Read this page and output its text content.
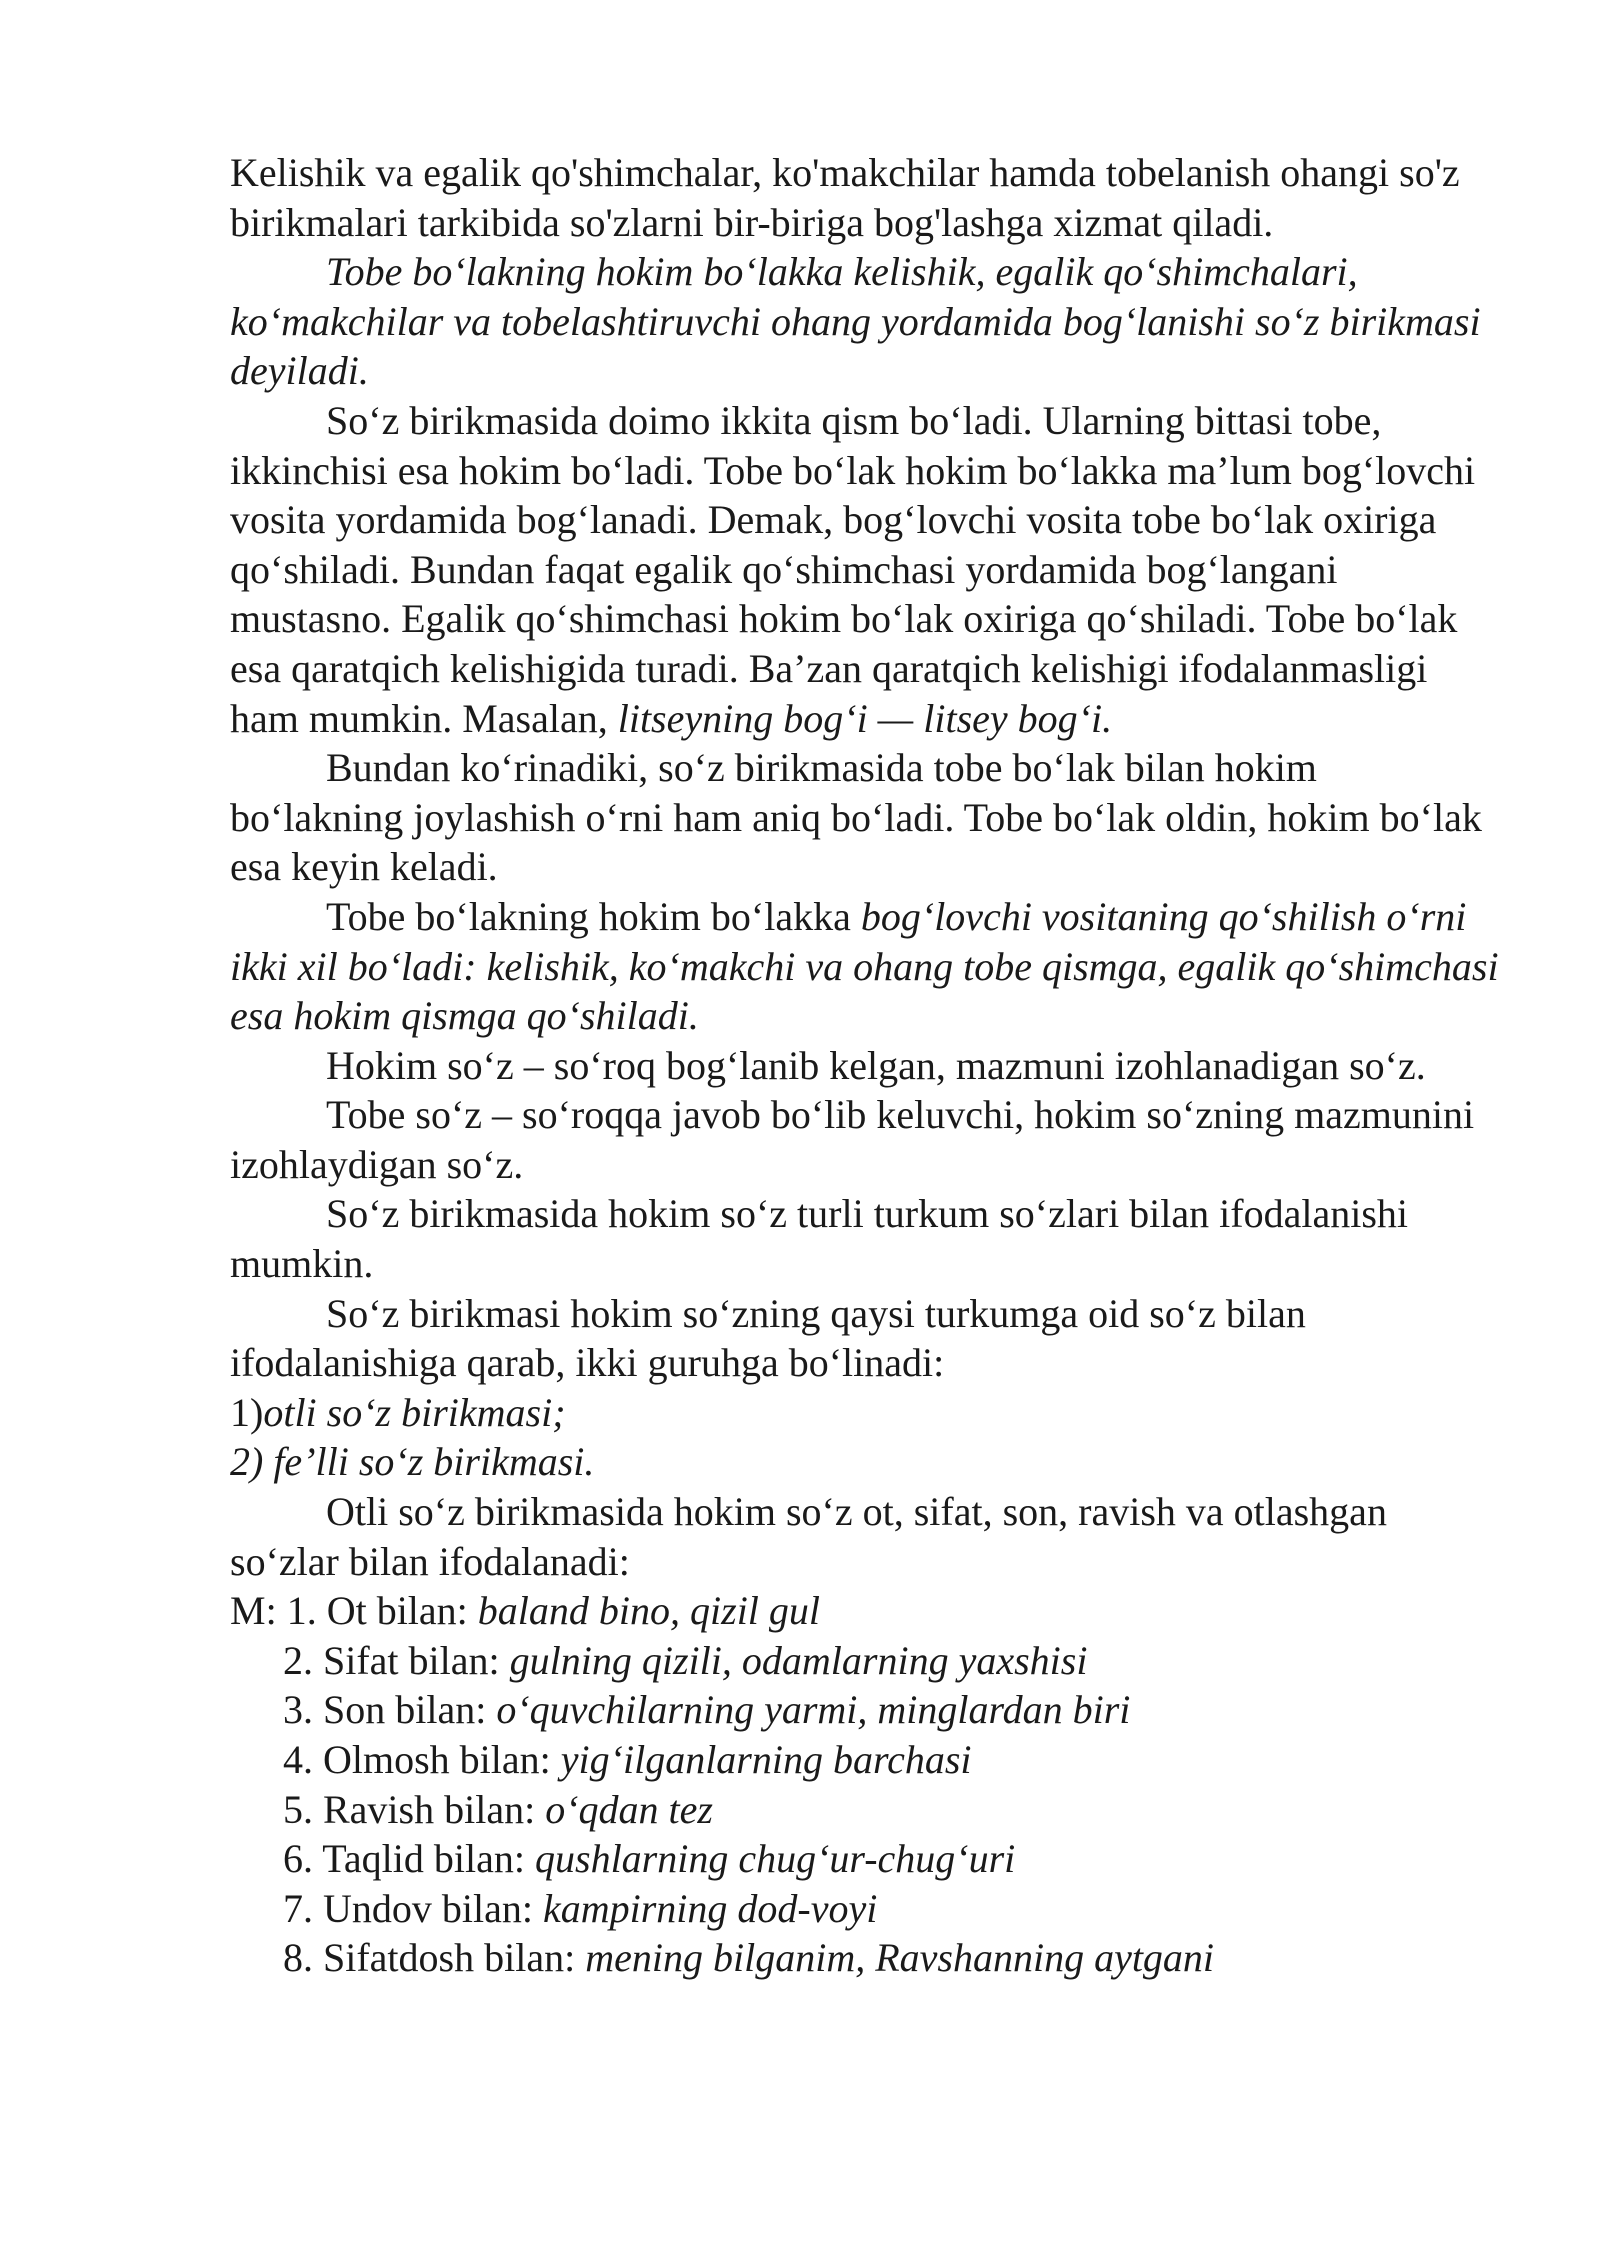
Kelishik va egalik qo'shimchalar, ko'makchilar hamda tobelanish ohangi so'z birikmalari tarkibida so'zlarni bir-biriga bog'lashga xizmat qiladi.

Tobe bo‘lakning hokim bo‘lakka kelishik, egalik qo‘shimchalari, ko‘makchilar va tobelashtiruvchi ohang yordamida bog‘lanishi so‘z birikmasi deyiladi.

So‘z birikmasida doimo ikkita qism bo‘ladi. Ularning bittasi tobe, ikkinchisi esa hokim bo‘ladi. Tobe bo‘lak hokim bo‘lakka ma’lum bog‘lovchi vosita yordamida bog‘lanadi. Demak, bog‘lovchi vosita tobe bo‘lak oxiriga qo‘shiladi. Bundan faqat egalik qo‘shimchasi yordamida bog‘langani mustasno. Egalik qo‘shimchasi hokim bo‘lak oxiriga qo‘shiladi. Tobe bo‘lak esa qaratqich kelishigida turadi. Ba’zan qaratqich kelishigi ifodalanmasligi ham mumkin. Masalan, litseyning bog‘i — litsey bog‘i.

Bundan ko‘rinadiki, so‘z birikmasida tobe bo‘lak bilan hokim bo‘lakning joylashish o‘rni ham aniq bo‘ladi. Tobe bo‘lak oldin, hokim bo‘lak esa keyin keladi.

Tobe bo‘lakning hokim bo‘lakka bog‘lovchi vositaning qo‘shilish o‘rni ikki xil bo‘ladi: kelishik, ko‘makchi va ohang tobe qismga, egalik qo‘shimchasi esa hokim qismga qo‘shiladi.

Hokim so‘z – so‘roq bog‘lanib kelgan, mazmuni izohlanadigan so‘z.

Tobe so‘z – so‘roqqa javob bo‘lib keluvchi, hokim so‘zning mazmunini izohlaydigan so‘z.

So‘z birikmasida hokim so‘z turli turkum so‘zlari bilan ifodalanishi mumkin.

So‘z birikmasi hokim so‘zning qaysi turkumga oid so‘z bilan ifodalanishiga qarab, ikki guruhga bo‘linadi:

1)otli so‘z birikmasi;

2) fe’lli so‘z birikmasi.

Otli so‘z birikmasida hokim so‘z ot, sifat, son, ravish va otlashgan so‘zlar bilan ifodalanadi:

M: 1. Ot bilan: baland bino, qizil gul

2. Sifat bilan: gulning qizili, odamlarning yaxshisi

3. Son bilan: o‘quvchilarning yarmi, minglardan biri

4. Olmosh bilan: yig‘ilganlarning barchasi

5. Ravish bilan: o‘qdan tez

6. Taqlid bilan: qushlarning chug‘ur-chug‘uri

7. Undov bilan: kampirning dod-voyi

8. Sifatdosh bilan: mening bilganim, Ravshanning aytgani
